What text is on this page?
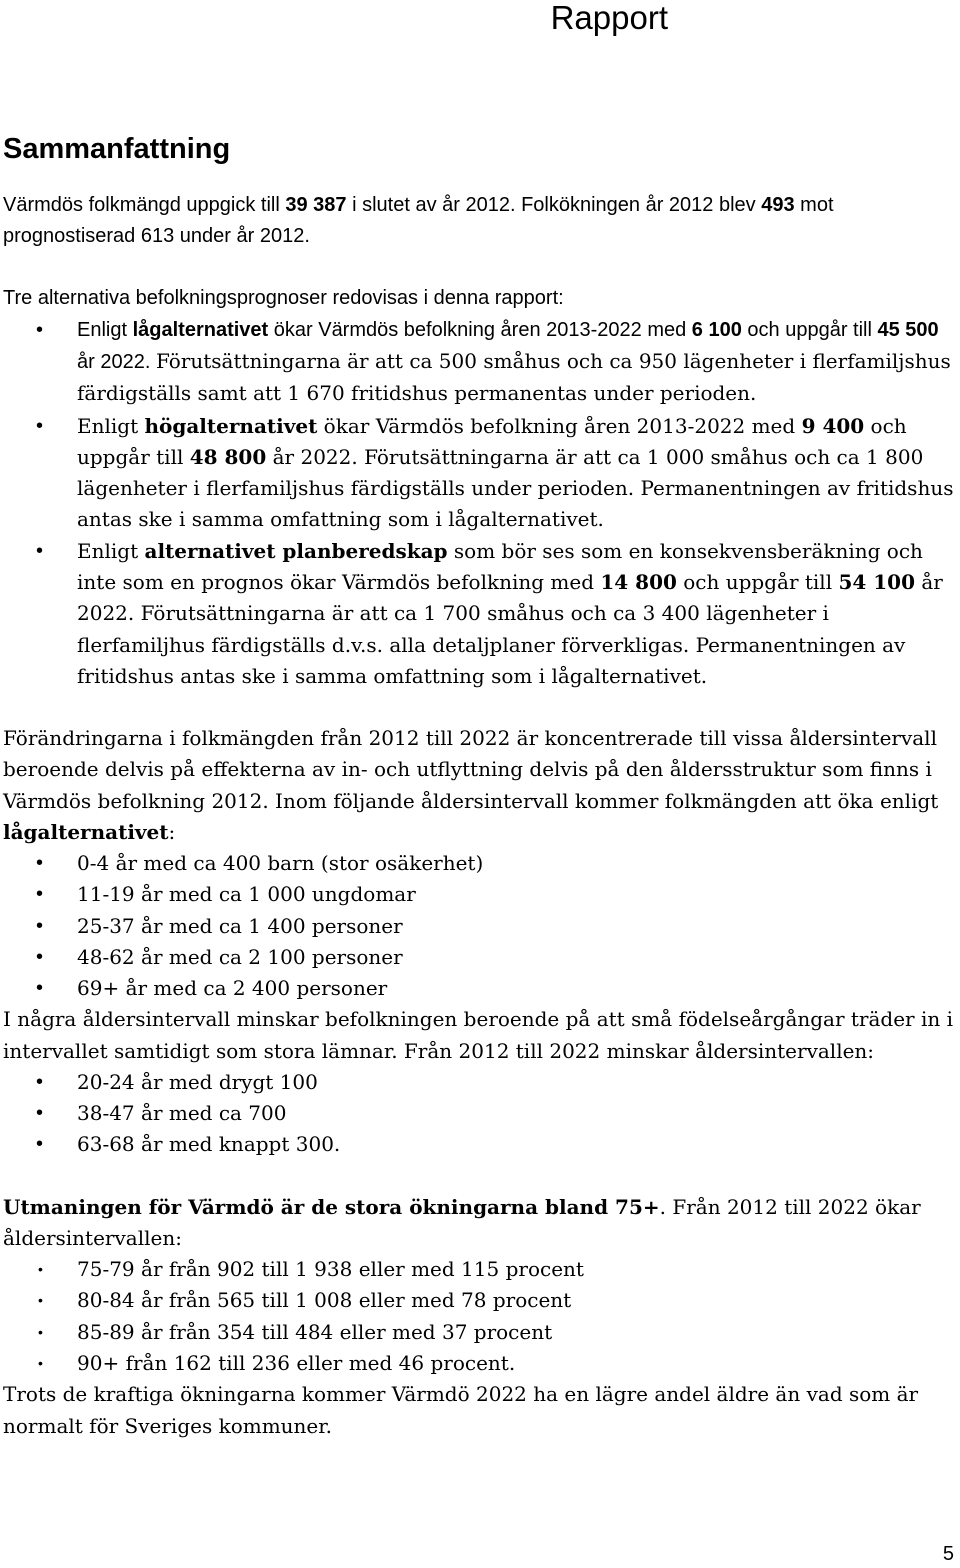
Rapport
Sammanfattning

Värmdös folkmängd uppgick till 39 387 i slutet av år 2012. Folkökningen år 2012 blev 493 mot prognostiserad 613 under år 2012.

Tre alternativa befolkningsprognoser redovisas i denna rapport:

• Enligt lågalternativet ökar Värmdös befolkning åren 2013-2022 med 6 100 och uppgår till 45 500 år 2022. Förutsättningarna är att ca 500 småhus och ca 950 lägenheter i flerfamiljshus färdigställs samt att 1 670 fritidshus permanentas under perioden.
• Enligt högalternativet ökar Värmdös befolkning åren 2013-2022 med 9 400 och uppgår till 48 800 år 2022. Förutsättningarna är att ca 1 000 småhus och ca 1 800 lägenheter i flerfamiljshus färdigställs under perioden. Permanentningen av fritidshus antas ske i samma omfattning som i lågalternativet.
• Enligt alternativet planberedskap som bör ses som en konsekvensberäkning och inte som en prognos ökar Värmdös befolkning med 14 800 och uppgår till 54 100 år 2022. Förutsättningarna är att ca 1 700 småhus och ca 3 400 lägenheter i flerfamiljhus färdigställs d.v.s. alla detaljplaner förverkligas. Permanentningen av fritidshus antas ske i samma omfattning som i lågalternativet.

Förändringarna i folkmängden från 2012 till 2022 är koncentrerade till vissa åldersintervall beroende delvis på effekterna av in- och utflyttning delvis på den åldersstruktur som finns i Värmdös befolkning 2012. Inom följande åldersintervall kommer folkmängden att öka enligt lågalternativet:

• 0-4 år med ca 400 barn (stor osäkerhet)
• 11-19 år med ca 1 000 ungdomar
• 25-37 år med ca 1 400 personer
• 48-62 år med ca 2 100 personer
• 69+ år med ca 2 400 personer

I några åldersintervall minskar befolkningen beroende på att små födelseårgångar träder in i intervallet samtidigt som stora lämnar. Från 2012 till 2022 minskar åldersintervallen:

• 20-24 år med drygt 100
• 38-47 år med ca 700
• 63-68 år med knappt 300.

Utmaningen för Värmdö är de stora ökningarna bland 75+. Från 2012 till 2022 ökar åldersintervallen:

• 75-79 år från 902 till 1 938 eller med 115 procent
• 80-84 år från 565 till 1 008 eller med 78 procent
• 85-89 år från 354 till 484 eller med 37 procent
• 90+ från 162 till 236 eller med 46 procent.

Trots de kraftiga ökningarna kommer Värmdö 2022 ha en lägre andel äldre än vad som är normalt för Sveriges kommuner.

5
